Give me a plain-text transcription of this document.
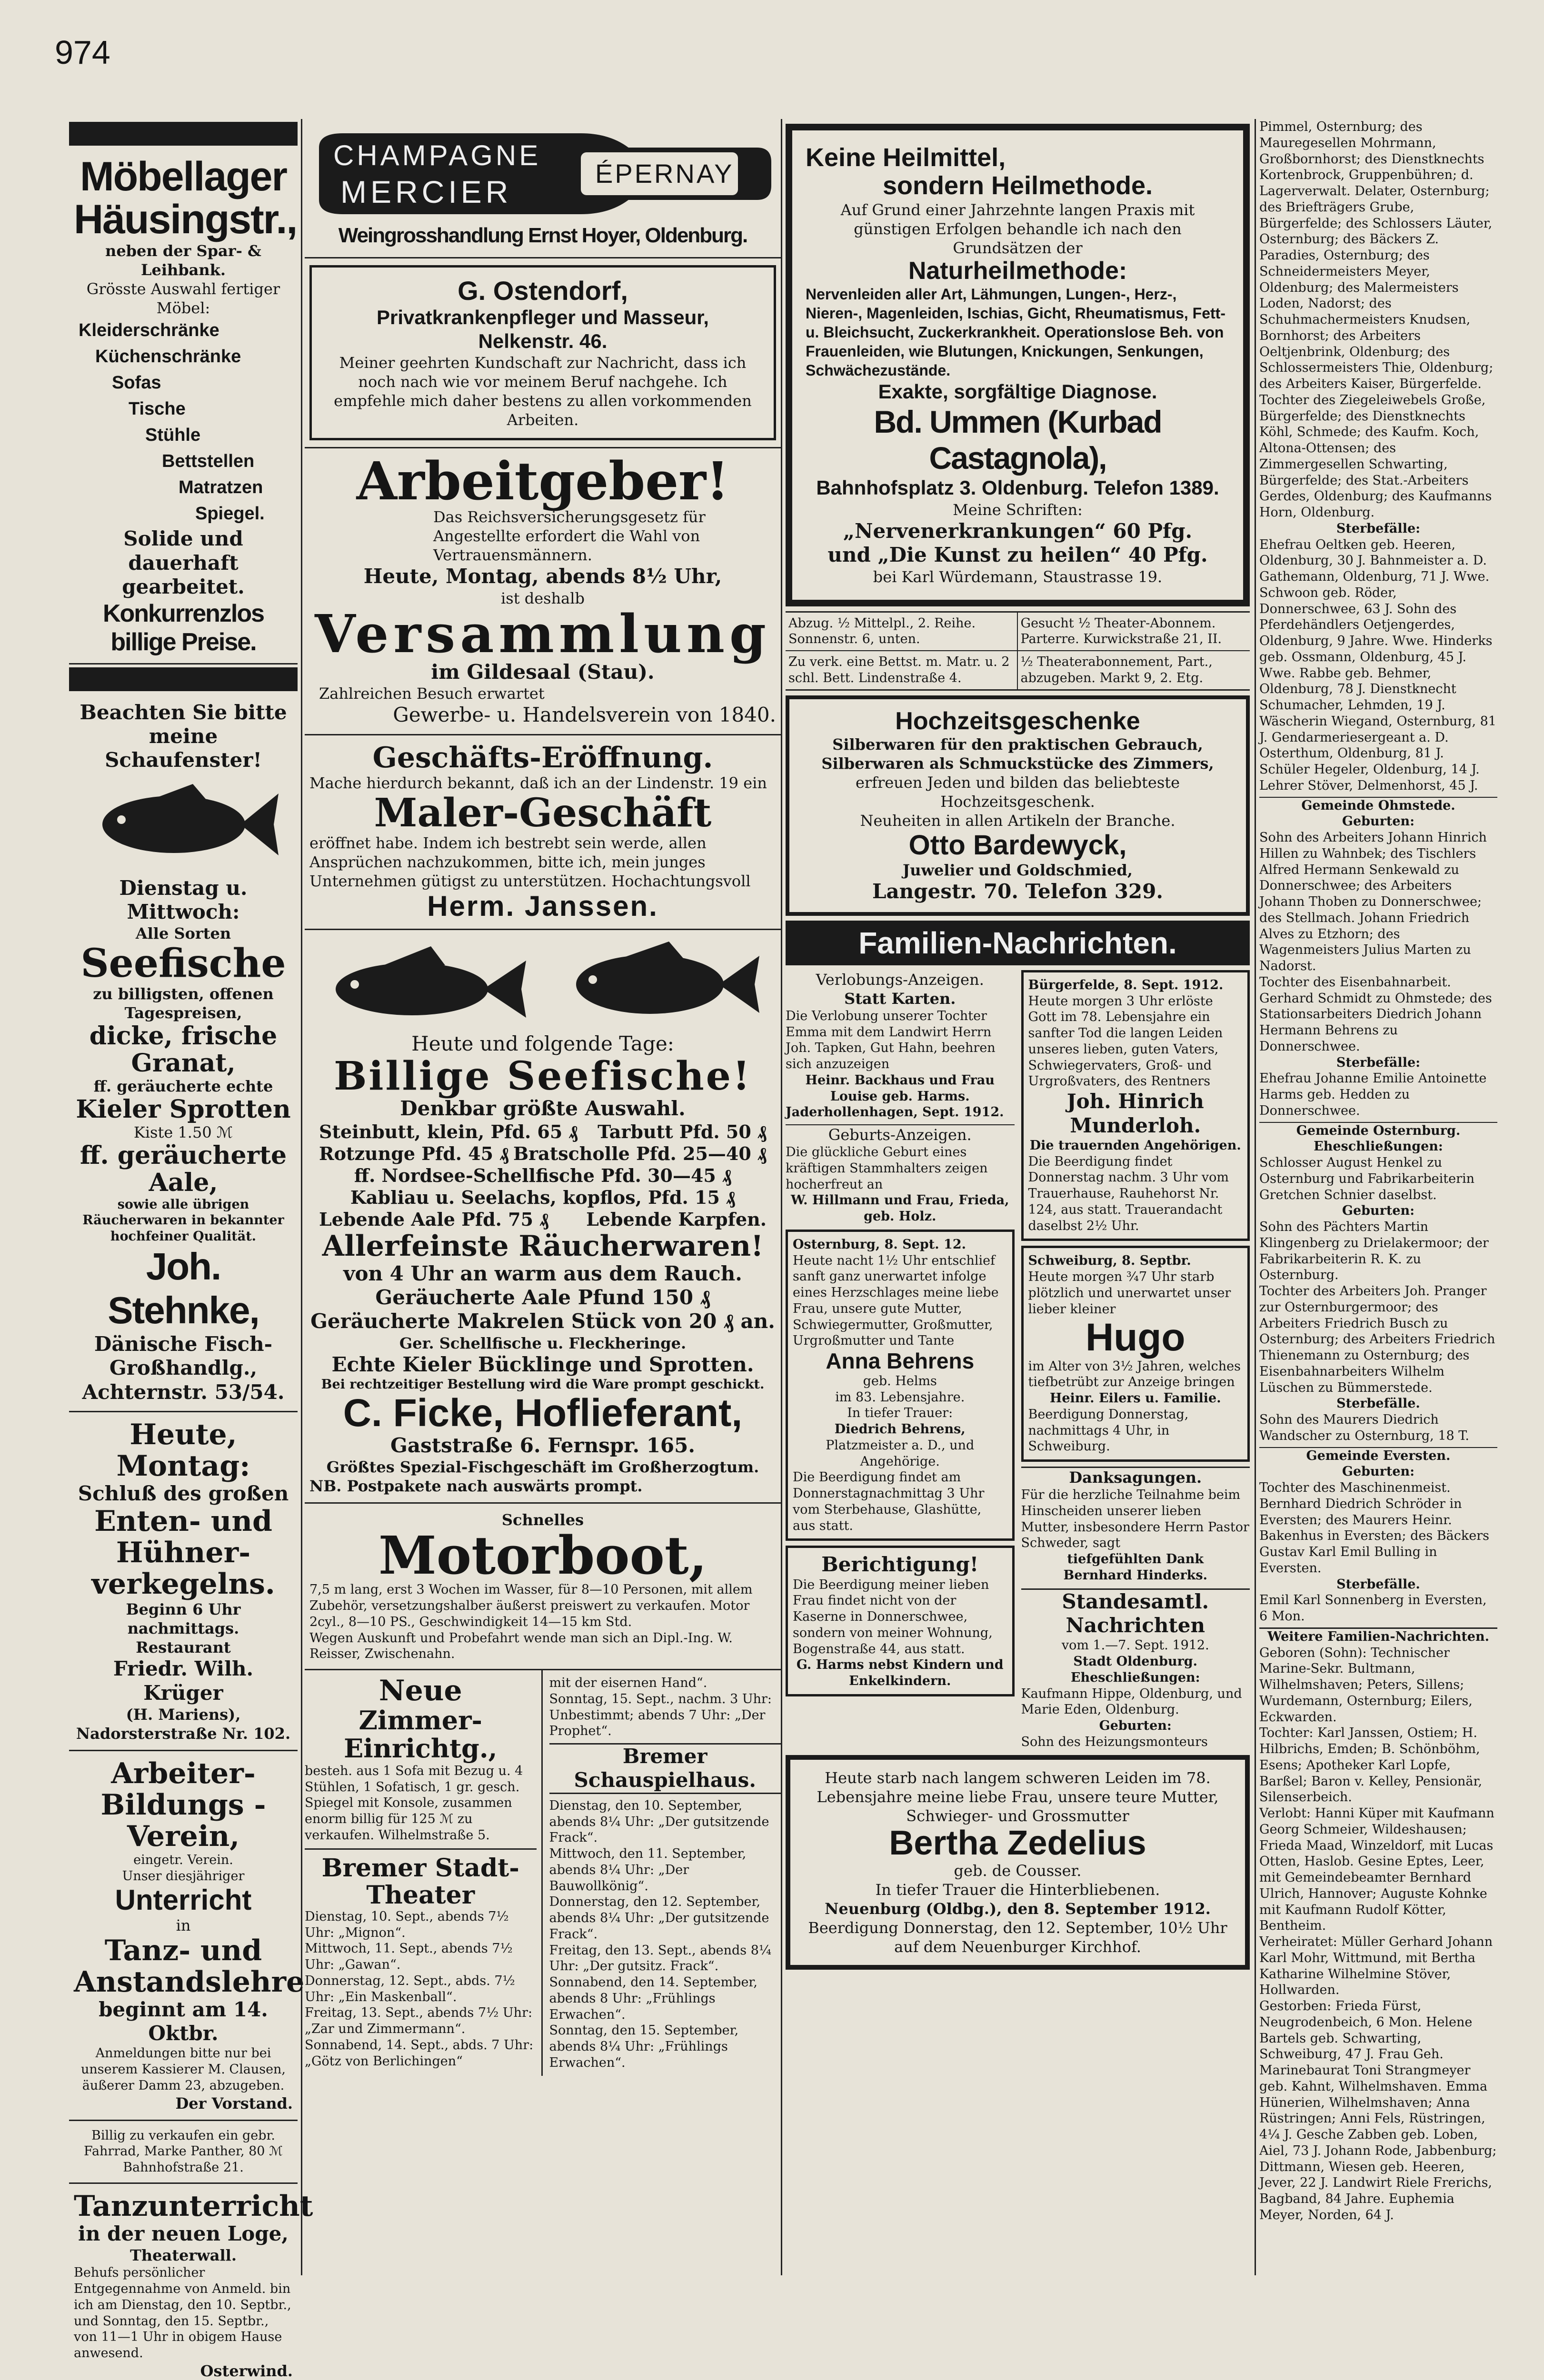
974
Möbellager Häusingstr.,
neben der Spar- & Leihbank.
Grösste Auswahl fertiger Möbel:
Kleiderschränke
Küchenschränke
Sofas
Tische
Stühle
Bettstellen
Matratzen
Spiegel.
Solide und dauerhaft gearbeitet.
Konkurrenzlos billige Preise.
Beachten Sie bitte meine Schaufenster!
Dienstag u. Mittwoch:
Alle Sorten
Seefische
zu billigsten, offenen Tagespreisen,
dicke, frische Granat,
ff. geräucherte echte
Kieler Sprotten
Kiste 1.50 ℳ
ff. geräucherte Aale,
sowie alle übrigen Räucherwaren in bekannter hochfeiner Qualität.
Joh. Stehnke,
Dänische Fisch-Großhandlg.,
Achternstr. 53/54.
Heute, Montag:
Schluß des großen
Enten- und Hühner-verkegelns.
Beginn 6 Uhr nachmittags.
Restaurant
Friedr. Wilh. Krüger
(H. Mariens),
Nadorsterstraße Nr. 102.
Arbeiter-
Bildungs - Verein,
eingetr. Verein.
Unser diesjähriger
Unterricht
in
Tanz- und Anstandslehre
beginnt am 14. Oktbr.
Anmeldungen bitte nur bei unserem Kassierer M. Clausen, äußerer Damm 23, abzugeben.
Der Vorstand.
Billig zu verkaufen ein gebr. Fahrrad, Marke Panther, 80 ℳ Bahnhofstraße 21.
Tanzunterricht
in der neuen Loge,
Theaterwall.
Behufs persönlicher Entgegennahme von Anmeld. bin ich am Dienstag, den 10. Septbr., und Sonntag, den 15. Septbr., von 11—1 Uhr in obigem Hause anwesend.
Osterwind.
CHAMPAGNE
MERCIER
ÉPERNAY
Weingrosshandlung Ernst Hoyer, Oldenburg.
G. Ostendorf,
Privatkrankenpfleger und Masseur,
Nelkenstr. 46.
Meiner geehrten Kundschaft zur Nachricht, dass ich noch nach wie vor meinem Beruf nachgehe. Ich empfehle mich daher bestens zu allen vorkommenden Arbeiten.
Arbeitgeber!
Das Reichsversicherungsgesetz für Angestellte erfordert die Wahl von Vertrauensmännern.
Heute, Montag, abends 8½ Uhr,
ist deshalb
Versammlung
im Gildesaal (Stau).
Zahlreichen Besuch erwartet
Gewerbe- u. Handelsverein von 1840.
Geschäfts-Eröffnung.
Mache hierdurch bekannt, daß ich an der Lindenstr. 19 ein
Maler-Geschäft
eröffnet habe. Indem ich bestrebt sein werde, allen Ansprüchen nachzukommen, bitte ich, mein junges Unternehmen gütigst zu unterstützen. Hochachtungsvoll
Herm. Janssen.
Heute und folgende Tage:
Billige Seefische!
Denkbar größte Auswahl.
Steinbutt, klein, Pfd. 65 ₰ Tarbutt Pfd. 50 ₰
Rotzunge Pfd. 45 ₰ Bratscholle Pfd. 25—40 ₰
ff. Nordsee-Schellfische Pfd. 30—45 ₰
Kabliau u. Seelachs, kopflos, Pfd. 15 ₰
Lebende Aale Pfd. 75 ₰ Lebende Karpfen.
Allerfeinste Räucherwaren!
von 4 Uhr an warm aus dem Rauch.
Geräucherte Aale Pfund 150 ₰
Geräucherte Makrelen Stück von 20 ₰ an.
Ger. Schellfische u. Fleckheringe.
Echte Kieler Bücklinge und Sprotten.
Bei rechtzeitiger Bestellung wird die Ware prompt geschickt.
C. Ficke, Hoflieferant,
Gaststraße 6. Fernspr. 165.
Größtes Spezial-Fischgeschäft im Großherzogtum.
NB. Postpakete nach auswärts prompt.
Schnelles
Motorboot,
7,5 m lang, erst 3 Wochen im Wasser, für 8—10 Personen, mit allem Zubehör, versetzungshalber äußerst preiswert zu verkaufen. Motor 2cyl., 8—10 PS., Geschwindigkeit 14—15 km Std.
Wegen Auskunft und Probefahrt wende man sich an Dipl.-Ing. W. Reisser, Zwischenahn.
Neue
Zimmer-Einrichtg.,
besteh. aus 1 Sofa mit Bezug u. 4 Stühlen, 1 Sofatisch, 1 gr. gesch. Spiegel mit Konsole, zusammen enorm billig für 125 ℳ zu verkaufen. Wilhelmstraße 5.
Bremer Stadt-Theater
Dienstag, 10. Sept., abends 7½ Uhr: „Mignon“.
Mittwoch, 11. Sept., abends 7½ Uhr: „Gawan“.
Donnerstag, 12. Sept., abds. 7½ Uhr: „Ein Maskenball“.
Freitag, 13. Sept., abends 7½ Uhr: „Zar und Zimmermann“.
Sonnabend, 14. Sept., abds. 7 Uhr: „Götz von Berlichingen“
mit der eisernen Hand“.
Sonntag, 15. Sept., nachm. 3 Uhr: Unbestimmt; abends 7 Uhr: „Der Prophet“.
Bremer Schauspielhaus.
Dienstag, den 10. September, abends 8¼ Uhr: „Der gutsitzende Frack“.
Mittwoch, den 11. September, abends 8¼ Uhr: „Der Bauwollkönig“.
Donnerstag, den 12. September, abends 8¼ Uhr: „Der gutsitzende Frack“.
Freitag, den 13. Sept., abends 8¼ Uhr: „Der gutsitz. Frack“.
Sonnabend, den 14. September, abends 8 Uhr: „Frühlings Erwachen“.
Sonntag, den 15. September, abends 8¼ Uhr: „Frühlings Erwachen“.
Keine Heilmittel,
sondern Heilmethode.
Auf Grund einer Jahrzehnte langen Praxis mit günstigen Erfolgen behandle ich nach den Grundsätzen der
Naturheilmethode:
Nervenleiden aller Art, Lähmungen, Lungen-, Herz-, Nieren-, Magenleiden, Ischias, Gicht, Rheumatismus, Fett- u. Bleichsucht, Zuckerkrankheit. Operationslose Beh. von Frauenleiden, wie Blutungen, Knickungen, Senkungen, Schwächezustände.
Exakte, sorgfältige Diagnose.
Bd. Ummen (Kurbad Castagnola),
Bahnhofsplatz 3. Oldenburg. Telefon 1389.
Meine Schriften:
„Nervenerkrankungen“ 60 Pfg.
und „Die Kunst zu heilen“ 40 Pfg.
bei Karl Würdemann, Staustrasse 19.
Abzug. ½ Mittelpl., 2. Reihe. Sonnenstr. 6, unten.
Gesucht ½ Theater-Abonnem. Parterre. Kurwickstraße 21, II.
Zu verk. eine Bettst. m. Matr. u. 2 schl. Bett. Lindenstraße 4.
½ Theaterabonnement, Part., abzugeben. Markt 9, 2. Etg.
Hochzeitsgeschenke
Silberwaren für den praktischen Gebrauch,
Silberwaren als Schmuckstücke des Zimmers,
erfreuen Jeden und bilden das beliebteste Hochzeitsgeschenk.
Neuheiten in allen Artikeln der Branche.
Otto Bardewyck,
Juwelier und Goldschmied,
Langestr. 70. Telefon 329.
Familien-Nachrichten.
Verlobungs-Anzeigen.
Statt Karten.
Die Verlobung unserer Tochter Emma mit dem Landwirt Herrn Joh. Tapken, Gut Hahn, beehren sich anzuzeigen
Heinr. Backhaus und Frau Louise geb. Harms.
Jaderhollenhagen, Sept. 1912.
Geburts-Anzeigen.
Die glückliche Geburt eines kräftigen Stammhalters zeigen hocherfreut an
W. Hillmann und Frau, Frieda, geb. Holz.
Osternburg, 8. Sept. 12.
Heute nacht 1½ Uhr entschlief sanft ganz unerwartet infolge eines Herzschlages meine liebe Frau, unsere gute Mutter, Schwiegermutter, Großmutter, Urgroßmutter und Tante
Anna Behrens
geb. Helms
im 83. Lebensjahre.
In tiefer Trauer:
Diedrich Behrens,
Platzmeister a. D., und Angehörige.
Die Beerdigung findet am Donnerstagnachmittag 3 Uhr vom Sterbehause, Glashütte, aus statt.
Berichtigung!
Die Beerdigung meiner lieben Frau findet nicht von der Kaserne in Donnerschwee, sondern von meiner Wohnung, Bogenstraße 44, aus statt.
G. Harms nebst Kindern und Enkelkindern.
Bürgerfelde, 8. Sept. 1912.
Heute morgen 3 Uhr erlöste Gott im 78. Lebensjahre ein sanfter Tod die langen Leiden unseres lieben, guten Vaters, Schwiegervaters, Groß- und Urgroßvaters, des Rentners
Joh. Hinrich Munderloh.
Die trauernden Angehörigen.
Die Beerdigung findet Donnerstag nachm. 3 Uhr vom Trauerhause, Rauhehorst Nr. 124, aus statt. Trauerandacht daselbst 2½ Uhr.
Schweiburg, 8. Septbr.
Heute morgen ¾7 Uhr starb plötzlich und unerwartet unser lieber kleiner
Hugo
im Alter von 3½ Jahren, welches tiefbetrübt zur Anzeige bringen
Heinr. Eilers u. Familie.
Beerdigung Donnerstag, nachmittags 4 Uhr, in Schweiburg.
Danksagungen.
Für die herzliche Teilnahme beim Hinscheiden unserer lieben Mutter, insbesondere Herrn Pastor Schweder, sagt
tiefgefühlten Dank
Bernhard Hinderks.
Standesamtl. Nachrichten
vom 1.—7. Sept. 1912.
Stadt Oldenburg.
Eheschließungen:
Kaufmann Hippe, Oldenburg, und Marie Eden, Oldenburg.
Geburten:
Sohn des Heizungsmonteurs
Heute starb nach langem schweren Leiden im 78. Lebensjahre meine liebe Frau, unsere teure Mutter, Schwieger- und Grossmutter
Bertha Zedelius
geb. de Cousser.
In tiefer Trauer die Hinterbliebenen.
Neuenburg (Oldbg.), den 8. September 1912.
Beerdigung Donnerstag, den 12. September, 10½ Uhr auf dem Neuenburger Kirchhof.
Pimmel, Osternburg; des Mauregesellen Mohrmann, Großbornhorst; des Dienstknechts Kortenbrock, Gruppenbühren; d. Lagerverwalt. Delater, Osternburg; des Briefträgers Grube, Bürgerfelde; des Schlossers Läuter, Osternburg; des Bäckers Z. Paradies, Osternburg; des Schneidermeisters Meyer, Oldenburg; des Malermeisters Loden, Nadorst; des Schuhmachermeisters Knudsen, Bornhorst; des Arbeiters Oeltjenbrink, Oldenburg; des Schlossermeisters Thie, Oldenburg; des Arbeiters Kaiser, Bürgerfelde.
Tochter des Ziegeleiwebels Große, Bürgerfelde; des Dienstknechts Köhl, Schmede; des Kaufm. Koch, Altona-Ottensen; des Zimmergesellen Schwarting, Bürgerfelde; des Stat.-Arbeiters Gerdes, Oldenburg; des Kaufmanns Horn, Oldenburg.
Sterbefälle:
Ehefrau Oeltken geb. Heeren, Oldenburg, 30 J. Bahnmeister a. D. Gathemann, Oldenburg, 71 J. Wwe. Schwoon geb. Röder, Donnerschwee, 63 J. Sohn des Pferdehändlers Oetjengerdes, Oldenburg, 9 Jahre. Wwe. Hinderks geb. Ossmann, Oldenburg, 45 J. Wwe. Rabbe geb. Behmer, Oldenburg, 78 J. Dienstknecht Schumacher, Lehmden, 19 J. Wäscherin Wiegand, Osternburg, 81 J. Gendarmeriesergeant a. D. Osterthum, Oldenburg, 81 J. Schüler Hegeler, Oldenburg, 14 J. Lehrer Stöver, Delmenhorst, 45 J.
Gemeinde Ohmstede.
Geburten:
Sohn des Arbeiters Johann Hinrich Hillen zu Wahnbek; des Tischlers Alfred Hermann Senkewald zu Donnerschwee; des Arbeiters Johann Thoben zu Donnerschwee; des Stellmach. Johann Friedrich Alves zu Etzhorn; des Wagenmeisters Julius Marten zu Nadorst.
Tochter des Eisenbahnarbeit. Gerhard Schmidt zu Ohmstede; des Stationsarbeiters Diedrich Johann Hermann Behrens zu Donnerschwee.
Sterbefälle:
Ehefrau Johanne Emilie Antoinette Harms geb. Hedden zu Donnerschwee.
Gemeinde Osternburg.
Eheschließungen:
Schlosser August Henkel zu Osternburg und Fabrikarbeiterin Gretchen Schnier daselbst.
Geburten:
Sohn des Pächters Martin Klingenberg zu Drielakermoor; der Fabrikarbeiterin R. K. zu Osternburg.
Tochter des Arbeiters Joh. Pranger zur Osternburgermoor; des Arbeiters Friedrich Busch zu Osternburg; des Arbeiters Friedrich Thienemann zu Osternburg; des Eisenbahnarbeiters Wilhelm Lüschen zu Bümmerstede.
Sterbefälle.
Sohn des Maurers Diedrich Wandscher zu Osternburg, 18 T.
Gemeinde Eversten.
Geburten:
Tochter des Maschinenmeist. Bernhard Diedrich Schröder in Eversten; des Maurers Heinr. Bakenhus in Eversten; des Bäckers Gustav Karl Emil Bulling in Eversten.
Sterbefälle.
Emil Karl Sonnenberg in Eversten, 6 Mon.
Weitere Familien-Nachrichten.
Geboren (Sohn): Technischer Marine-Sekr. Bultmann, Wilhelmshaven; Peters, Sillens; Wurdemann, Osternburg; Eilers, Eckwarden.
Tochter: Karl Janssen, Ostiem; H. Hilbrichs, Emden; B. Schönböhm, Esens; Apotheker Karl Lopfe, Barßel; Baron v. Kelley, Pensionär, Silenserbeich.
Verlobt: Hanni Küper mit Kaufmann Georg Schmeier, Wildeshausen; Frieda Maad, Winzeldorf, mit Lucas Otten, Haslob. Gesine Eptes, Leer, mit Gemeindebeamter Bernhard Ulrich, Hannover; Auguste Kohnke mit Kaufmann Rudolf Kötter, Bentheim.
Verheiratet: Müller Gerhard Johann Karl Mohr, Wittmund, mit Bertha Katharine Wilhelmine Stöver, Hollwarden.
Gestorben: Frieda Fürst, Neugrodenbeich, 6 Mon. Helene Bartels geb. Schwarting, Schweiburg, 47 J. Frau Geh. Marinebaurat Toni Strangmeyer geb. Kahnt, Wilhelmshaven. Emma Hünerien, Wilhelmshaven; Anna Rüstringen; Anni Fels, Rüstringen, 4¼ J. Gesche Zabben geb. Loben, Aiel, 73 J. Johann Rode, Jabbenburg; Dittmann, Wiesen geb. Heeren, Jever, 22 J. Landwirt Riele Frerichs, Bagband, 84 Jahre. Euphemia Meyer, Norden, 64 J.
